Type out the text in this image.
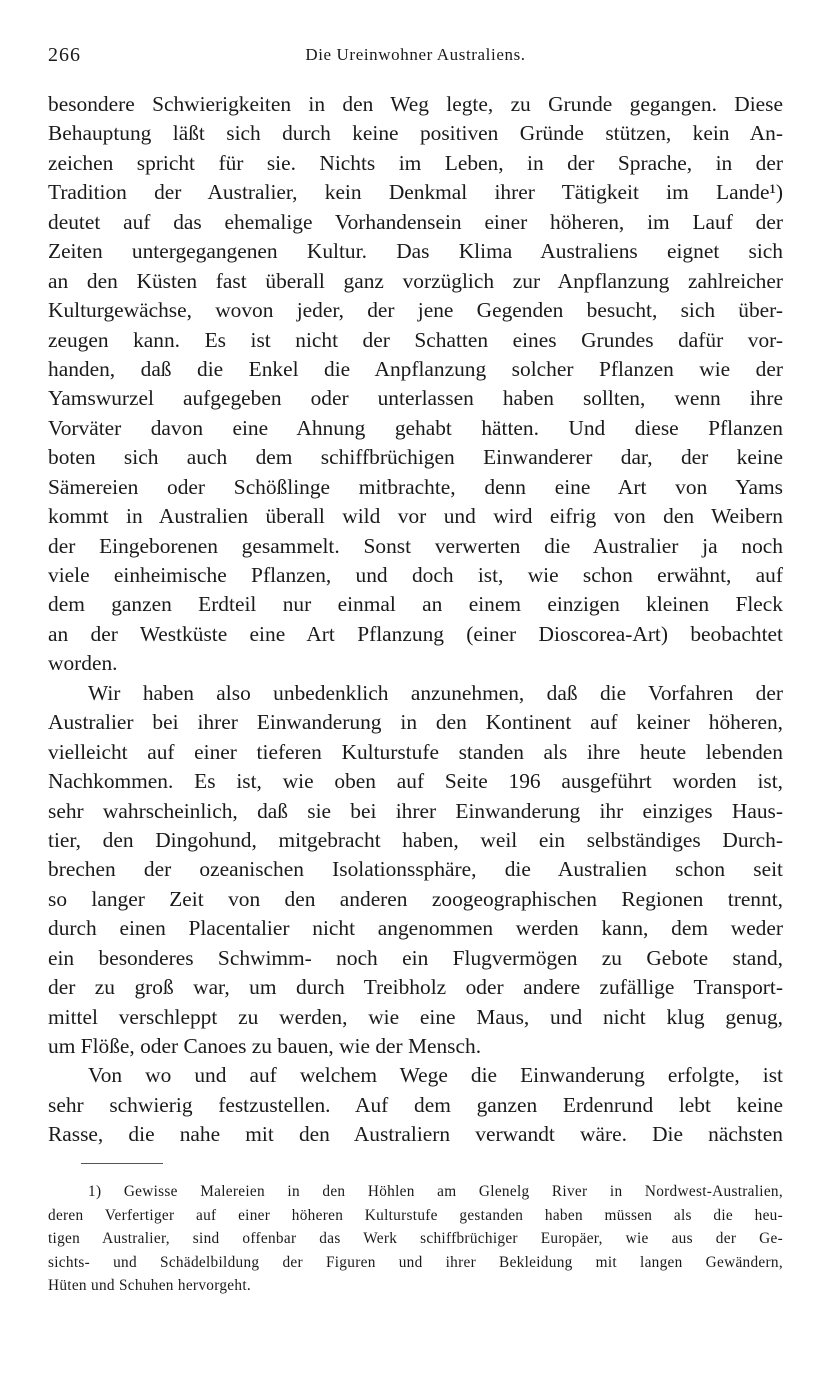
266	Die Ureinwohner Australiens.
besondere Schwierigkeiten in den Weg legte, zu Grunde gegangen. Diese
Behauptung läßt sich durch keine positiven Gründe stützen, kein An-
zeichen spricht für sie. Nichts im Leben, in der Sprache, in der
Tradition der Australier, kein Denkmal ihrer Tätigkeit im Lande¹)
deutet auf das ehemalige Vorhandensein einer höheren, im Lauf der
Zeiten untergegangenen Kultur. Das Klima Australiens eignet sich
an den Küsten fast überall ganz vorzüglich zur Anpflanzung zahlreicher
Kulturgewächse, wovon jeder, der jene Gegenden besucht, sich über-
zeugen kann. Es ist nicht der Schatten eines Grundes dafür vor-
handen, daß die Enkel die Anpflanzung solcher Pflanzen wie der
Yamswurzel aufgegeben oder unterlassen haben sollten, wenn ihre
Vorväter davon eine Ahnung gehabt hätten. Und diese Pflanzen
boten sich auch dem schiffbrüchigen Einwanderer dar, der keine
Sämereien oder Schößlinge mitbrachte, denn eine Art von Yams
kommt in Australien überall wild vor und wird eifrig von den Weibern
der Eingeborenen gesammelt. Sonst verwerten die Australier ja noch
viele einheimische Pflanzen, und doch ist, wie schon erwähnt, auf
dem ganzen Erdteil nur einmal an einem einzigen kleinen Fleck
an der Westküste eine Art Pflanzung (einer Dioscorea-Art) beobachtet
worden.
Wir haben also unbedenklich anzunehmen, daß die Vorfahren der
Australier bei ihrer Einwanderung in den Kontinent auf keiner höheren,
vielleicht auf einer tieferen Kulturstufe standen als ihre heute lebenden
Nachkommen. Es ist, wie oben auf Seite 196 ausgeführt worden ist,
sehr wahrscheinlich, daß sie bei ihrer Einwanderung ihr einziges Haus-
tier, den Dingohund, mitgebracht haben, weil ein selbständiges Durch-
brechen der ozeanischen Isolationssphäre, die Australien schon seit
so langer Zeit von den anderen zoogeographischen Regionen trennt,
durch einen Placentalier nicht angenommen werden kann, dem weder
ein besonderes Schwimm- noch ein Flugvermögen zu Gebote stand,
der zu groß war, um durch Treibholz oder andere zufällige Transport-
mittel verschleppt zu werden, wie eine Maus, und nicht klug genug,
um Flöße, oder Canoes zu bauen, wie der Mensch.
Von wo und auf welchem Wege die Einwanderung erfolgte, ist
sehr schwierig festzustellen. Auf dem ganzen Erdenrund lebt keine
Rasse, die nahe mit den Australiern verwandt wäre. Die nächsten
1) Gewisse Malereien in den Höhlen am Glenelg River in Nordwest-Australien,
deren Verfertiger auf einer höheren Kulturstufe gestanden haben müssen als die heu-
tigen Australier, sind offenbar das Werk schiffbrüchiger Europäer, wie aus der Ge-
sichts- und Schädelbildung der Figuren und ihrer Bekleidung mit langen Gewändern,
Hüten und Schuhen hervorgeht.
